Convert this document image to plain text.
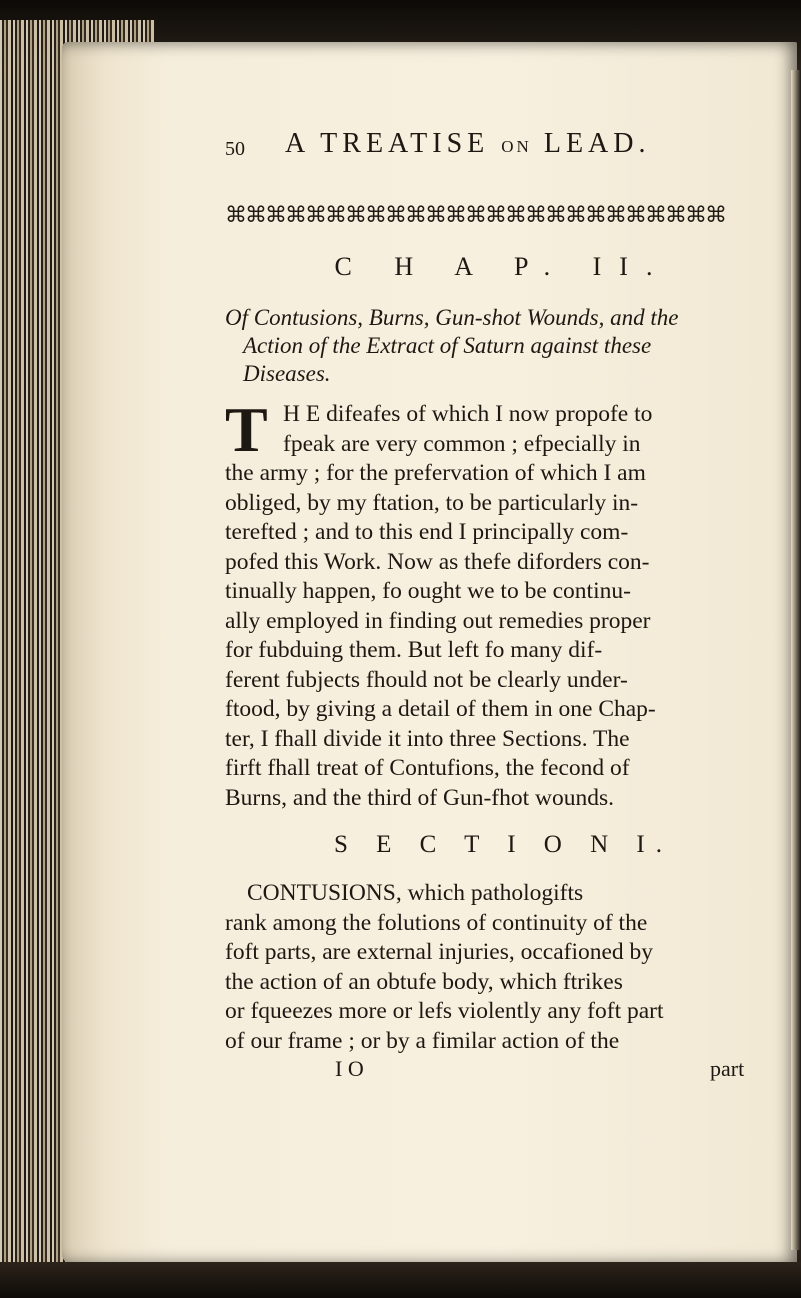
50 A TREATISE ON LEAD.
⌘⌘⌘⌘⌘⌘⌘⌘⌘⌘⌘⌘⌘⌘⌘⌘⌘⌘⌘⌘⌘⌘⌘⌘⌘
C H A P. II.
Of Contusions, Burns, Gun-shot Wounds, and the
Action of the Extract of Saturn against these
Diseases.
T H E difeafes of which I now propofe to
fpeak are very common ; efpecially in
the army ; for the prefervation of which I am
obliged, by my ftation, to be particularly in-
terefted ; and to this end I principally com-
pofed this Work. Now as thefe diforders con-
tinually happen, fo ought we to be continu-
ally employed in finding out remedies proper
for fubduing them. But left fo many dif-
ferent fubjects fhould not be clearly under-
ftood, by giving a detail of them in one Chap-
ter, I fhall divide it into three Sections. The
firft fhall treat of Contufions, the fecond of
Burns, and the third of Gun-fhot wounds.
S E C T I O N I.
CONTUSIONS, which pathologifts
rank among the folutions of continuity of the
foft parts, are external injuries, occafioned by
the action of an obtufe body, which ftrikes
or fqueezes more or lefs violently any foft part
of our frame ; or by a fimilar action of the
I O	part
